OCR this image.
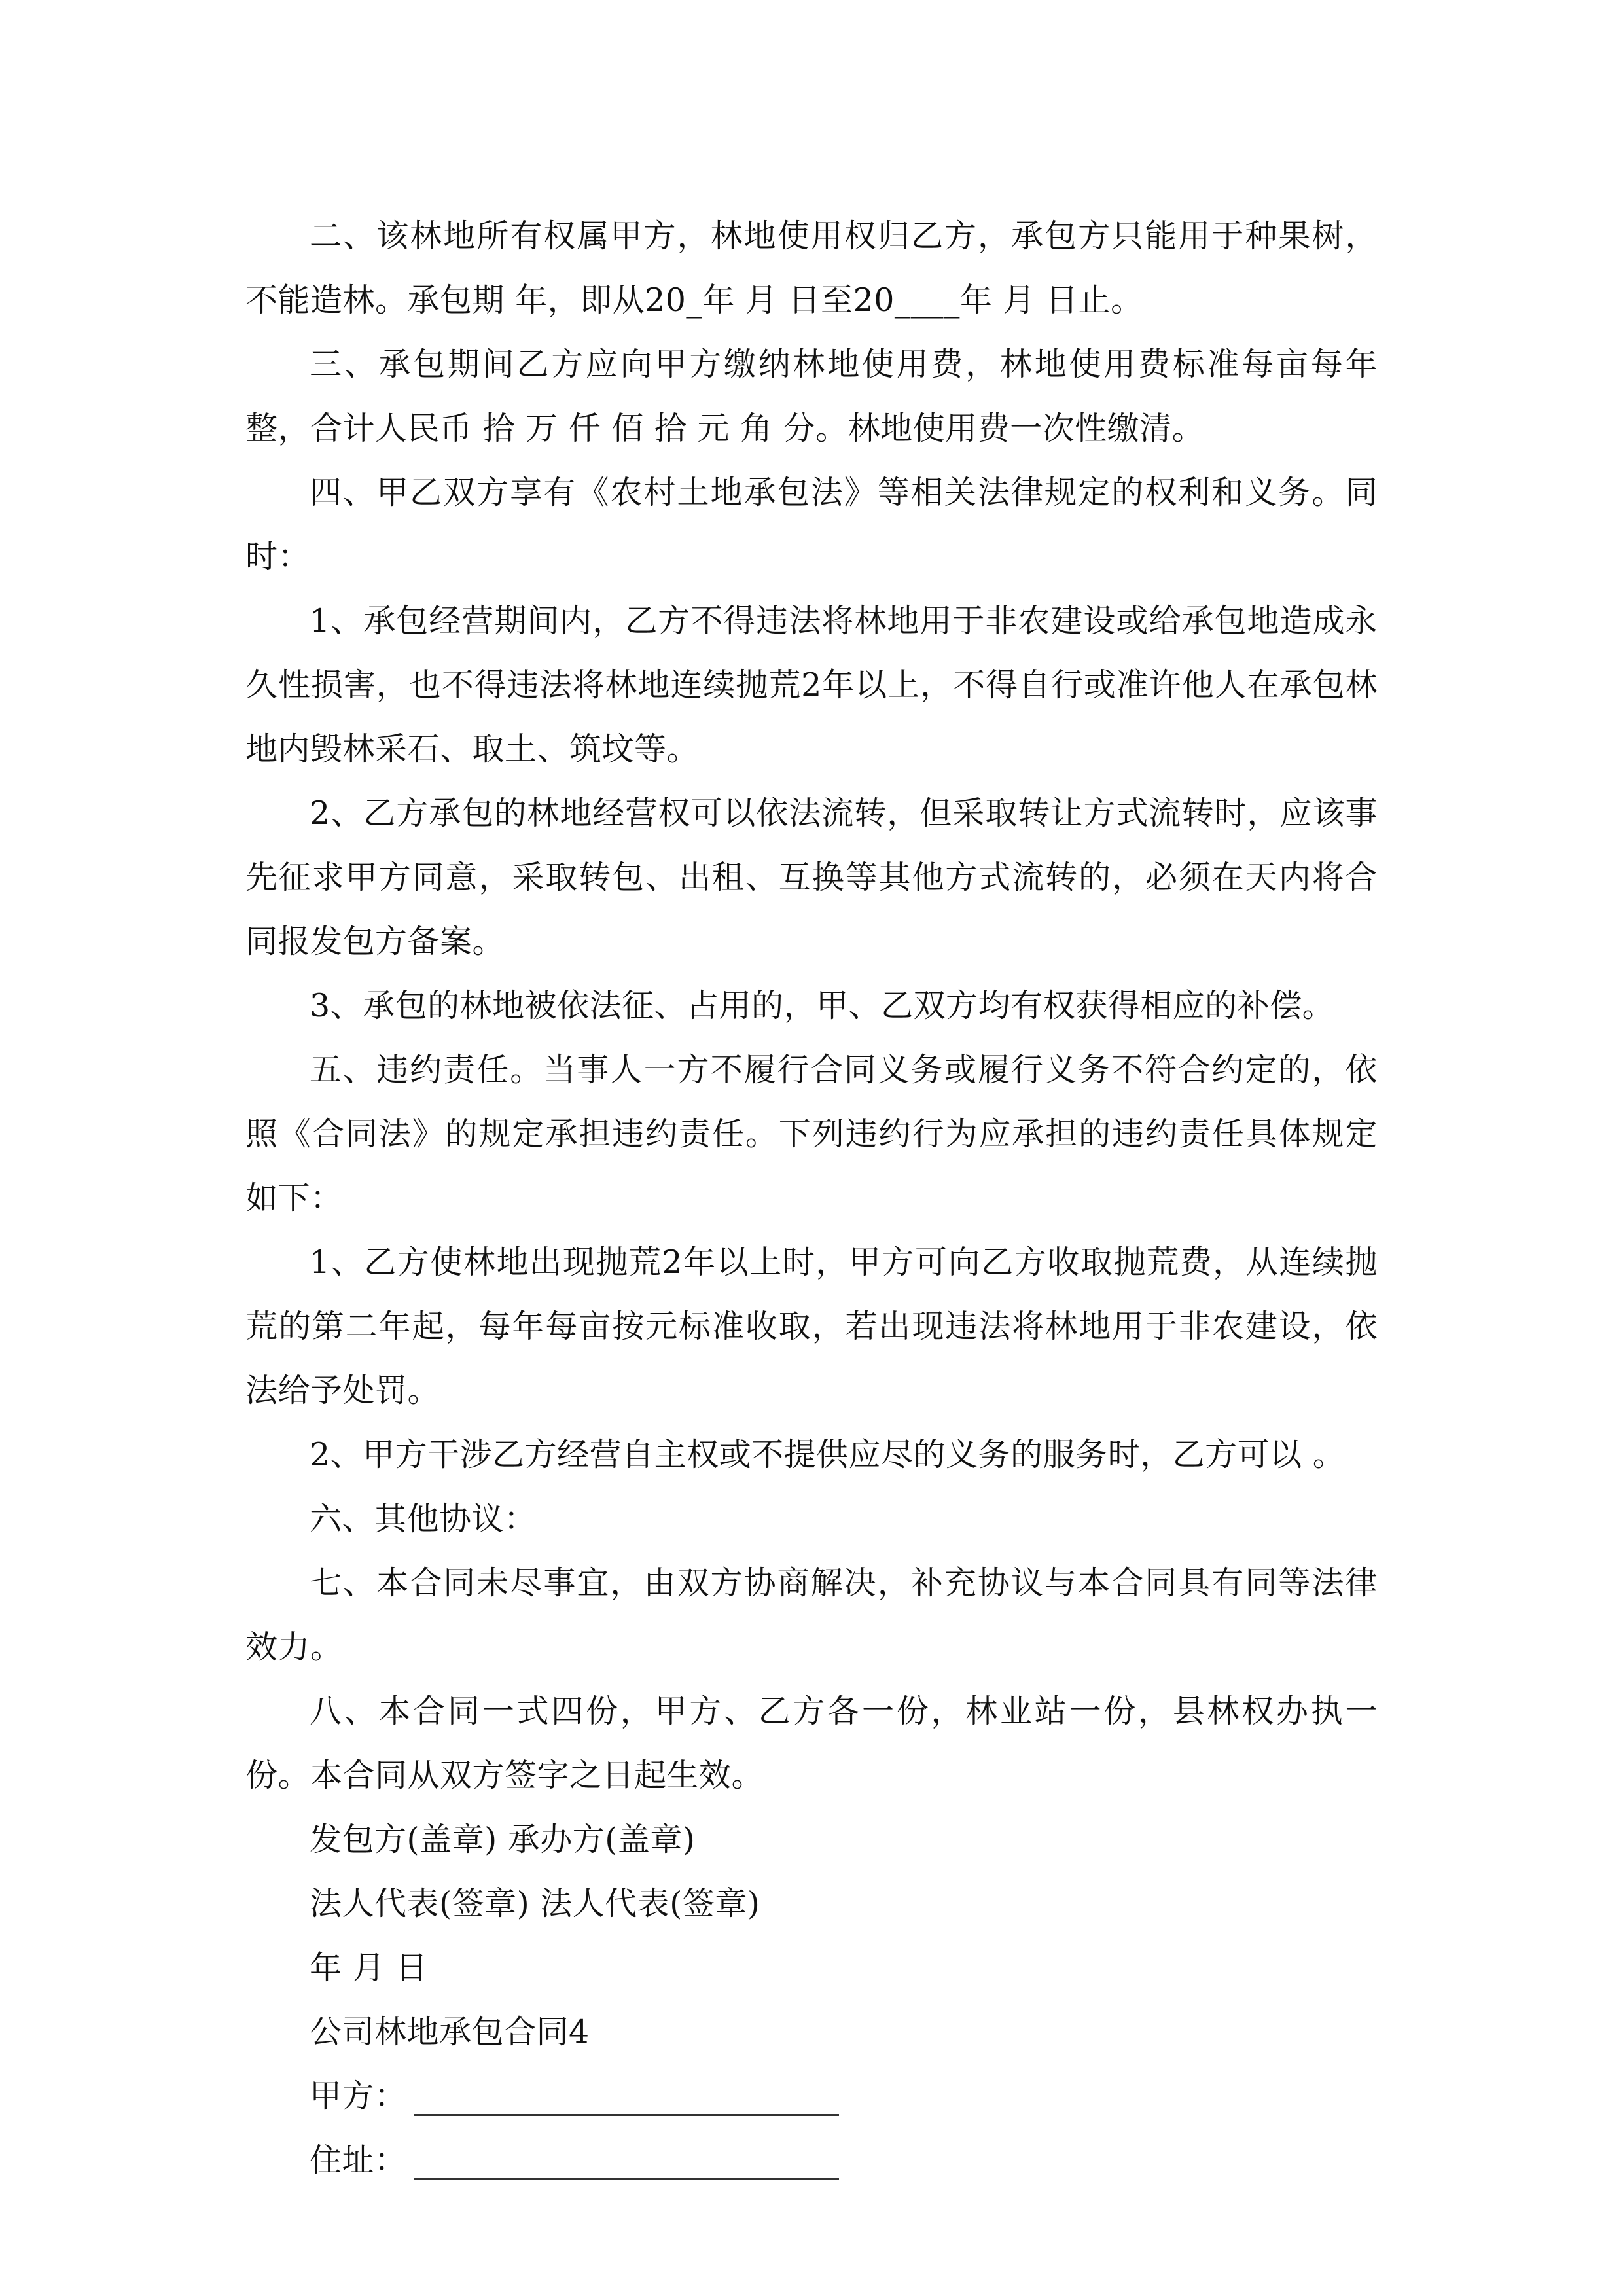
二、该林地所有权属甲方，林地使用权归乙方，承包方只能用于种果树，不能造林。承包期 年，即从20_年 月 日至20____年 月 日止。

三、承包期间乙方应向甲方缴纳林地使用费，林地使用费标准每亩每年 整，合计人民币 拾 万 仟 佰 拾 元 角 分。林地使用费一次性缴清。

四、甲乙双方享有《农村土地承包法》等相关法律规定的权利和义务。同时：

1、承包经营期间内，乙方不得违法将林地用于非农建设或给承包地造成永久性损害，也不得违法将林地连续抛荒2年以上，不得自行或准许他人在承包林地内毁林采石、取土、筑坟等。

2、乙方承包的林地经营权可以依法流转，但采取转让方式流转时，应该事先征求甲方同意，采取转包、出租、互换等其他方式流转的，必须在天内将合同报发包方备案。

3、承包的林地被依法征、占用的，甲、乙双方均有权获得相应的补偿。

五、违约责任。当事人一方不履行合同义务或履行义务不符合约定的，依照《合同法》的规定承担违约责任。下列违约行为应承担的违约责任具体规定如下：

1、乙方使林地出现抛荒2年以上时，甲方可向乙方收取抛荒费，从连续抛荒的第二年起，每年每亩按元标准收取，若出现违法将林地用于非农建设，依法给予处罚。

2、甲方干涉乙方经营自主权或不提供应尽的义务的服务时，乙方可以 。

六、其他协议：

七、本合同未尽事宜，由双方协商解决，补充协议与本合同具有同等法律效力。

八、本合同一式四份，甲方、乙方各一份，林业站一份，县林权办执一份。本合同从双方签字之日起生效。

发包方(盖章) 承办方(盖章)

法人代表(签章) 法人代表(签章)

年 月 日

公司林地承包合同4

甲方：

住址：
